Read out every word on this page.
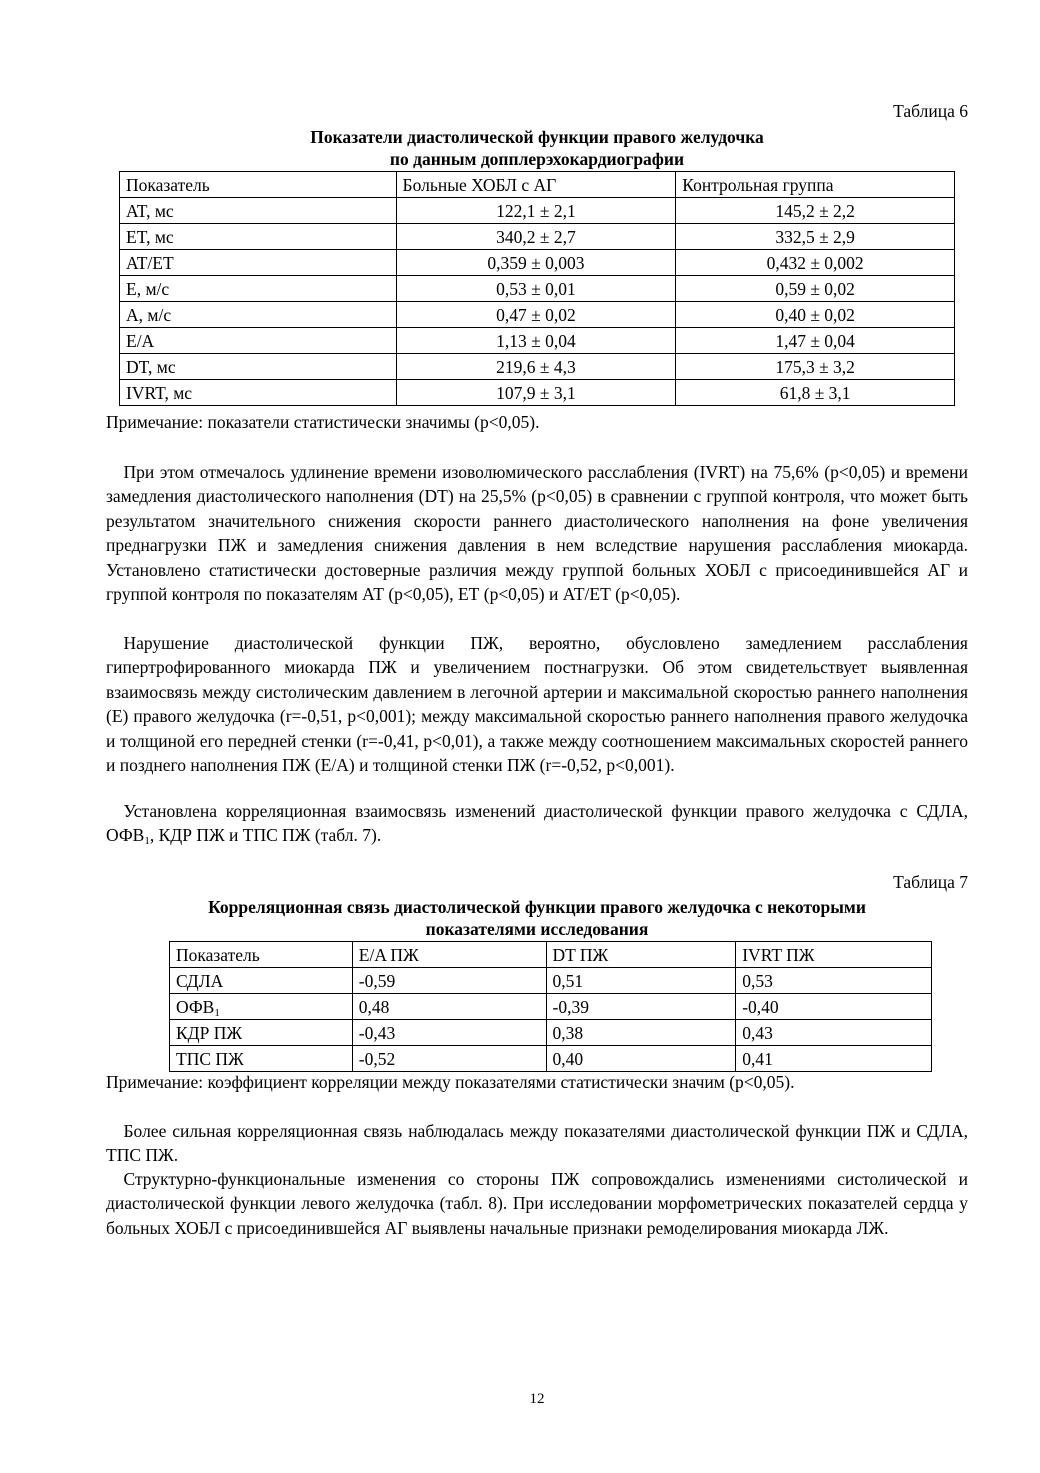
Таблица 6
Показатели диастолической функции правого желудочка
по данным допплерэхокардиографии
Показатель	Больные ХОБЛ с АГ	Контрольная группа
AT, мс	122,1 ± 2,1	145,2 ± 2,2
ET, мс	340,2 ± 2,7	332,5 ± 2,9
AT/ET	0,359 ± 0,003	0,432 ± 0,002
E, м/с	0,53 ± 0,01	0,59 ± 0,02
A, м/с	0,47 ± 0,02	0,40 ± 0,02
E/A	1,13 ± 0,04	1,47 ± 0,04
DT, мс	219,6 ± 4,3	175,3 ± 3,2
IVRT, мс	107,9 ± 3,1	61,8 ± 3,1
Примечание: показатели статистически значимы (р<0,05).

 При этом отмечалось удлинение времени изоволюмического расслабления (IVRT) на 75,6% (р<0,05) и времени замедления диастолического наполнения (DT) на 25,5% (р<0,05) в сравнении с группой контроля, что может быть результатом значительного снижения скорости раннего диастолического наполнения на фоне увеличения преднагрузки ПЖ и замедления снижения давления в нем вследствие нарушения расслабления миокарда. Установлено статистически достоверные различия между группой больных ХОБЛ с присоединившейся АГ и группой контроля по показателям АТ (р<0,05), ЕТ (р<0,05) и АТ/ЕТ (р<0,05).

 Нарушение диастолической функции ПЖ, вероятно, обусловлено замедлением расслабления гипертрофированного миокарда ПЖ и увеличением постнагрузки. Об этом свидетельствует выявленная взаимосвязь между систолическим давлением в легочной артерии и максимальной скоростью раннего наполнения (Е) правого желудочка (r=-0,51, р<0,001); между максимальной скоростью раннего наполнения правого желудочка и толщиной его передней стенки (r=-0,41, р<0,01), а также между соотношением максимальных скоростей раннего и позднего наполнения ПЖ (Е/А) и толщиной стенки ПЖ (r=-0,52, р<0,001).

 Установлена корреляционная взаимосвязь изменений диастолической функции правого желудочка с СДЛА, $ОФВ_1$, КДР ПЖ и ТПС ПЖ (табл. 7).

Таблица 7
Корреляционная связь диастолической функции правого желудочка с некоторыми
показателями исследования
Показатель	E/A ПЖ	DT ПЖ	IVRT ПЖ
СДЛА	-0,59	0,51	0,53
$ОФВ_1$	0,48	-0,39	-0,40
КДР ПЖ	-0,43	0,38	0,43
ТПС ПЖ	-0,52	0,40	0,41
Примечание: коэффициент корреляции между показателями статистически значим (р<0,05).

 Более сильная корреляционная связь наблюдалась между показателями диастолической функции ПЖ и СДЛА, ТПС ПЖ.

 Структурно-функциональные изменения со стороны ПЖ сопровождались изменениями систолической и диастолической функции левого желудочка (табл. 8). При исследовании морфометрических показателей сердца у больных ХОБЛ с присоединившейся АГ выявлены начальные признаки ремоделирования миокарда ЛЖ.

12
